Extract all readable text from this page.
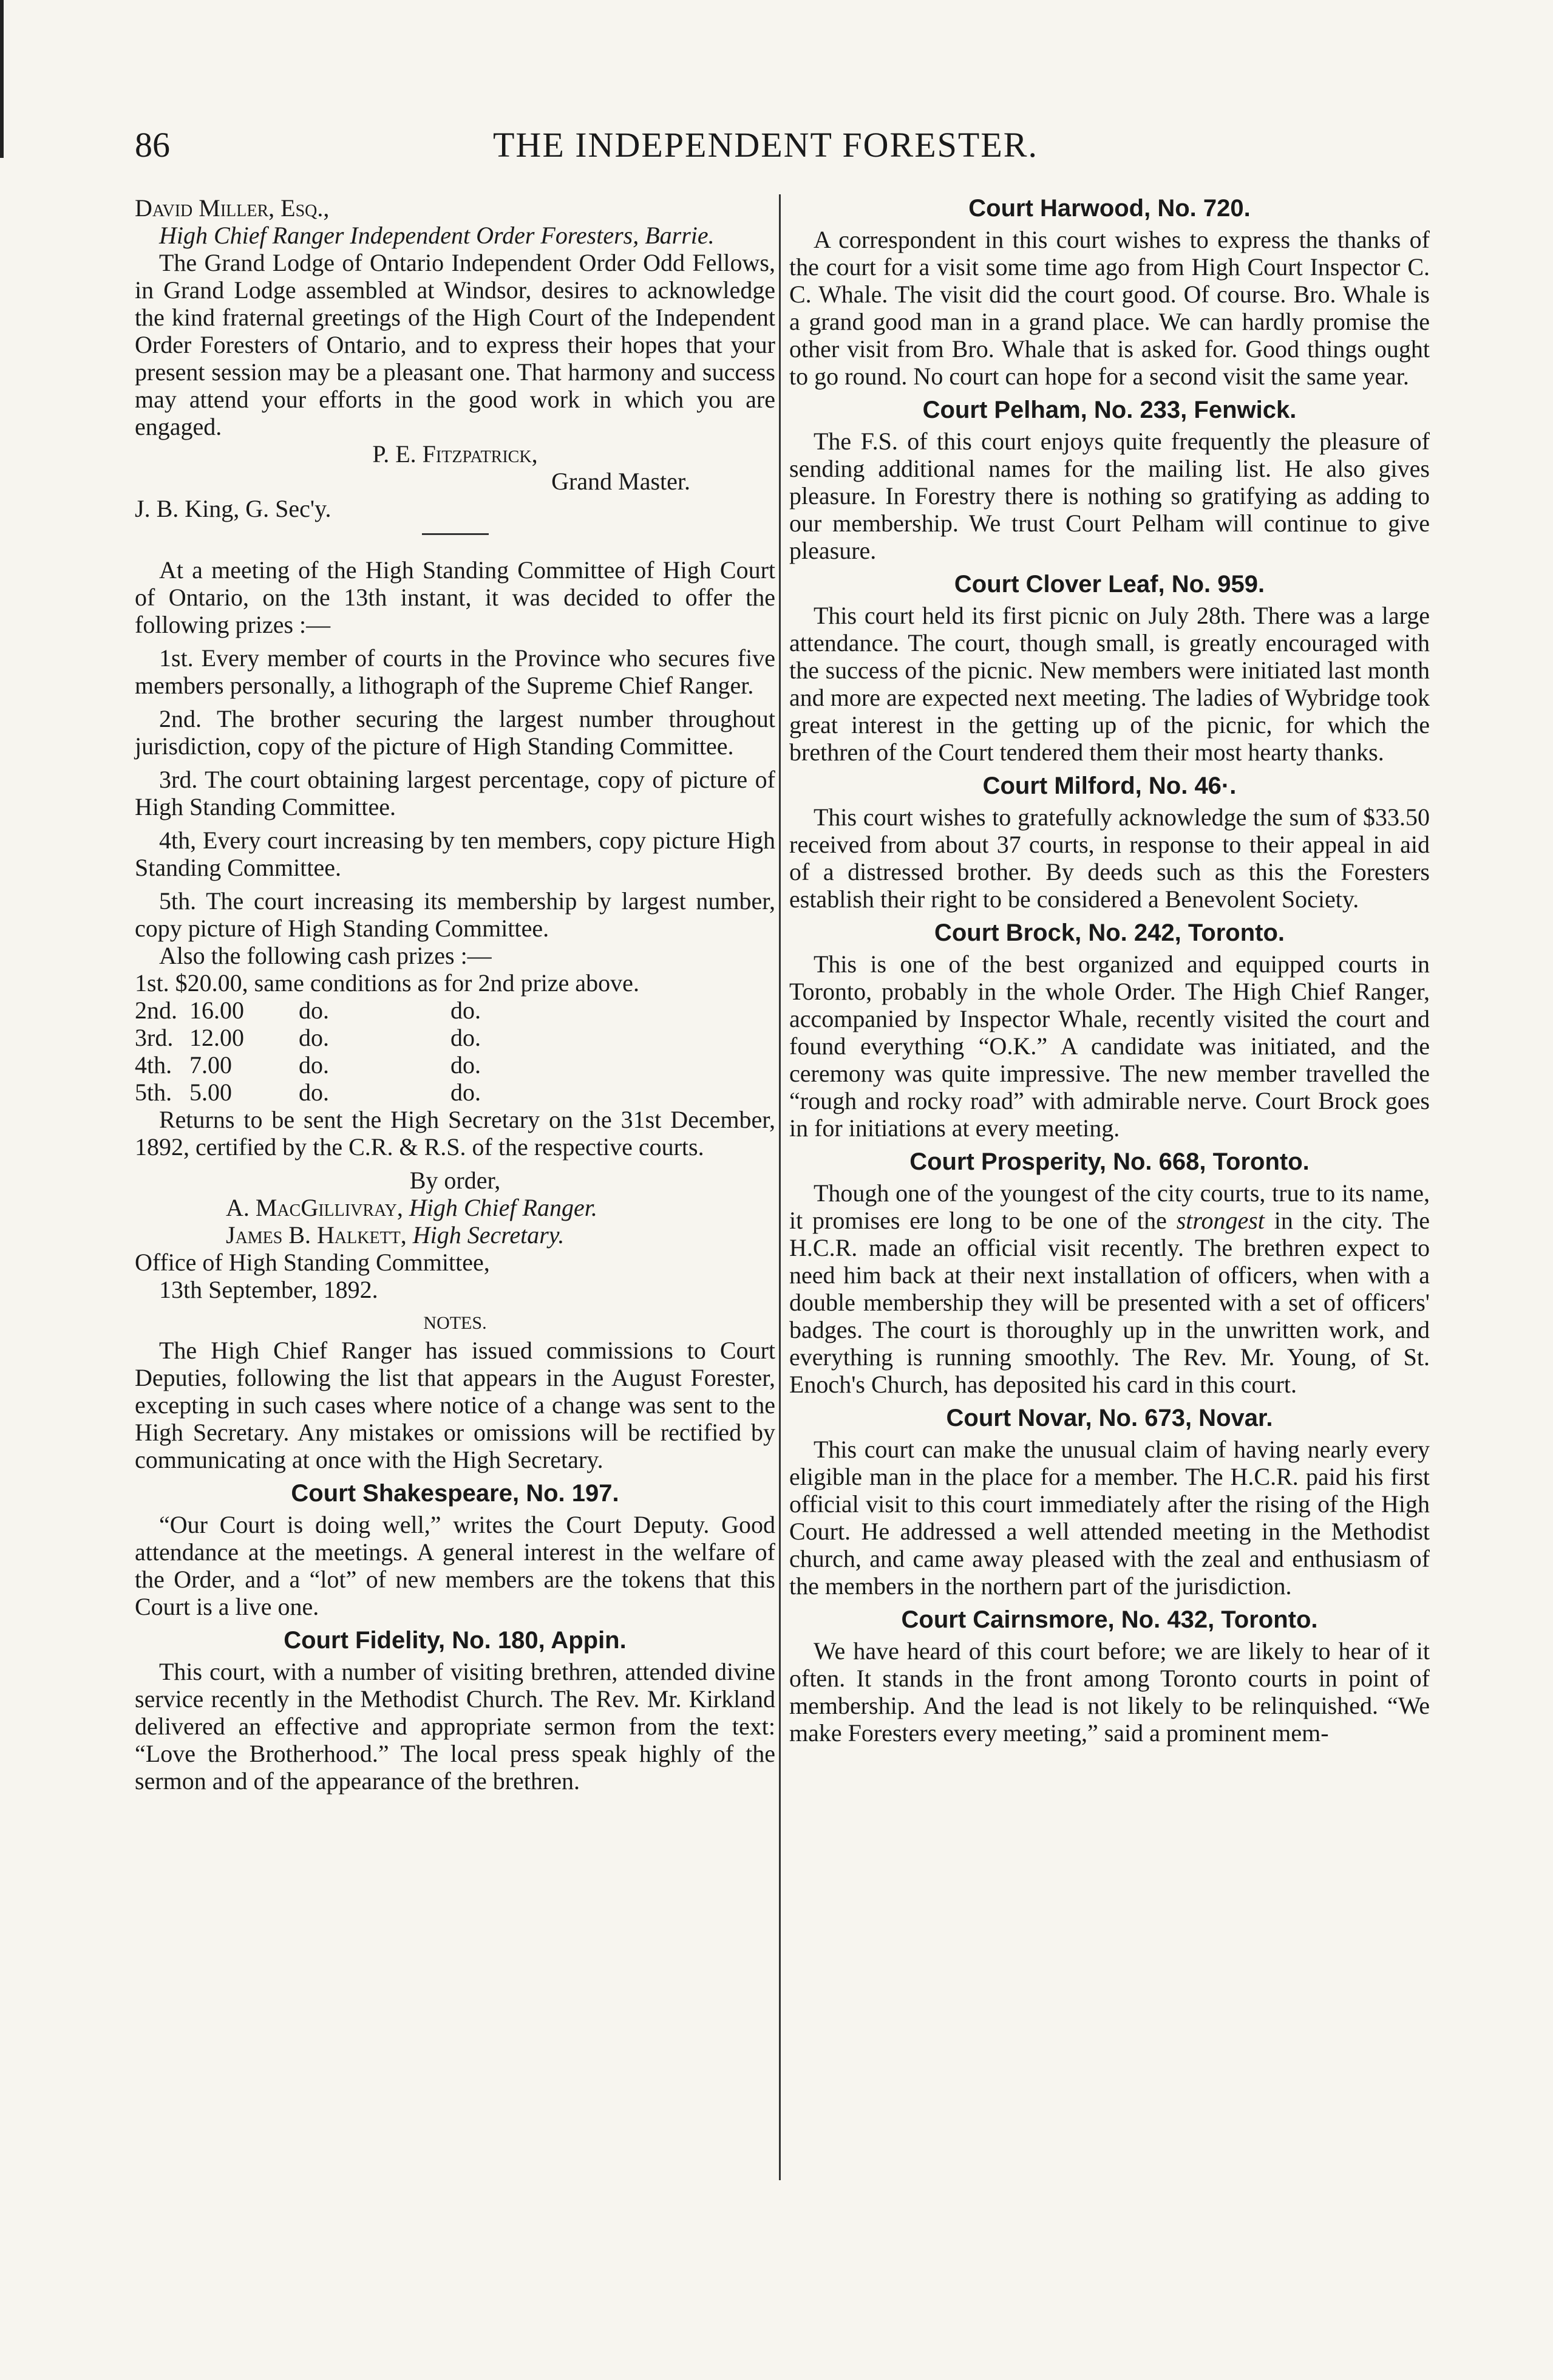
86	THE INDEPENDENT FORESTER.

David Miller, Esq.,

High Chief Ranger Independent Order Foresters, Barrie.

The Grand Lodge of Ontario Independent Order Odd Fellows, in Grand Lodge assembled at Windsor, desires to acknowledge the kind fraternal greetings of the High Court of the Independent Order Foresters of Ontario, and to express their hopes that your present session may be a pleasant one. That harmony and success may attend your efforts in the good work in which you are engaged.

P. E. Fitzpatrick,

Grand Master.

J. B. King, G. Sec'y.

At a meeting of the High Standing Committee of High Court of Ontario, on the 13th instant, it was decided to offer the following prizes :—

1st. Every member of courts in the Province who secures five members personally, a lithograph of the Supreme Chief Ranger.

2nd. The brother securing the largest number throughout jurisdiction, copy of the picture of High Standing Committee.

3rd. The court obtaining largest percentage, copy of picture of High Standing Committee.

4th, Every court increasing by ten members, copy picture High Standing Committee.

5th. The court increasing its membership by largest number, copy picture of High Standing Committee.

Also the following cash prizes :—

1st. $20.00, same conditions as for 2nd prize above.

2nd. 16.00	do.	do.
3rd. 12.00	do.	do.
4th. 7.00	do.	do.
5th. 5.00	do.	do.

Returns to be sent the High Secretary on the 31st December, 1892, certified by the C.R. & R.S. of the respective courts.

By order,

A. MacGillivray, High Chief Ranger.

James B. Halkett, High Secretary.

Office of High Standing Committee,

13th September, 1892.

NOTES.

The High Chief Ranger has issued commissions to Court Deputies, following the list that appears in the August Forester, excepting in such cases where notice of a change was sent to the High Secretary. Any mistakes or omissions will be rectified by communicating at once with the High Secretary.

Court Shakespeare, No. 197.

“Our Court is doing well,” writes the Court Deputy. Good attendance at the meetings. A general interest in the welfare of the Order, and a “lot” of new members are the tokens that this Court is a live one.

Court Fidelity, No. 180, Appin.

This court, with a number of visiting brethren, attended divine service recently in the Methodist Church. The Rev. Mr. Kirkland delivered an effective and appropriate sermon from the text: “Love the Brotherhood.” The local press speak highly of the sermon and of the appearance of the brethren.

Court Harwood, No. 720.

A correspondent in this court wishes to express the thanks of the court for a visit some time ago from High Court Inspector C. C. Whale. The visit did the court good. Of course. Bro. Whale is a grand good man in a grand place. We can hardly promise the other visit from Bro. Whale that is asked for. Good things ought to go round. No court can hope for a second visit the same year.

Court Pelham, No. 233, Fenwick.

The F.S. of this court enjoys quite frequently the pleasure of sending additional names for the mailing list. He also gives pleasure. In Forestry there is nothing so gratifying as adding to our membership. We trust Court Pelham will continue to give pleasure.

Court Clover Leaf, No. 959.

This court held its first picnic on July 28th. There was a large attendance. The court, though small, is greatly encouraged with the success of the picnic. New members were initiated last month and more are expected next meeting. The ladies of Wybridge took great interest in the getting up of the picnic, for which the brethren of the Court tendered them their most hearty thanks.

Court Milford, No. 46·.

This court wishes to gratefully acknowledge the sum of $33.50 received from about 37 courts, in response to their appeal in aid of a distressed brother. By deeds such as this the Foresters establish their right to be considered a Benevolent Society.

Court Brock, No. 242, Toronto.

This is one of the best organized and equipped courts in Toronto, probably in the whole Order. The High Chief Ranger, accompanied by Inspector Whale, recently visited the court and found everything “O.K.” A candidate was initiated, and the ceremony was quite impressive. The new member travelled the “rough and rocky road” with admirable nerve. Court Brock goes in for initiations at every meeting.

Court Prosperity, No. 668, Toronto.

Though one of the youngest of the city courts, true to its name, it promises ere long to be one of the strongest in the city. The H.C.R. made an official visit recently. The brethren expect to need him back at their next installation of officers, when with a double membership they will be presented with a set of officers' badges. The court is thoroughly up in the unwritten work, and everything is running smoothly. The Rev. Mr. Young, of St. Enoch's Church, has deposited his card in this court.

Court Novar, No. 673, Novar.

This court can make the unusual claim of having nearly every eligible man in the place for a member. The H.C.R. paid his first official visit to this court immediately after the rising of the High Court. He addressed a well attended meeting in the Methodist church, and came away pleased with the zeal and enthusiasm of the members in the northern part of the jurisdiction.

Court Cairnsmore, No. 432, Toronto.

We have heard of this court before; we are likely to hear of it often. It stands in the front among Toronto courts in point of membership. And the lead is not likely to be relinquished. “We make Foresters every meeting,” said a prominent mem-
